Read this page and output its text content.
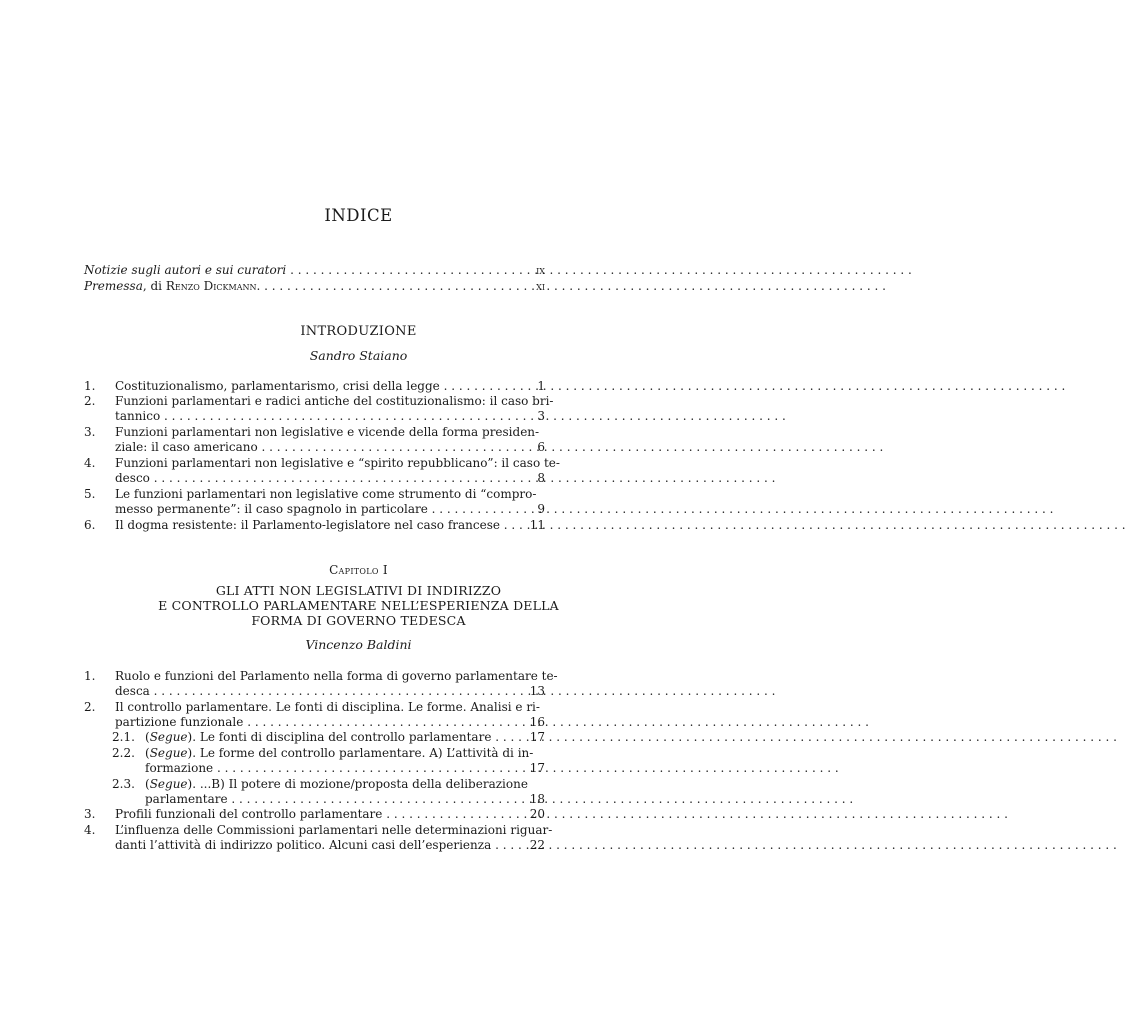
INDICE
Notizie sugli autori e sui curatori . . .	ix
Premessa, di Renzo Dickmann. . . .	xi
INTRODUZIONE
Sandro Staiano
1. Costituzionalismo, parlamentarismo, crisi della legge . . .	1
2. Funzioni parlamentari e radici antiche del costituzionalismo: il caso bri-
tannico . . .	3
3. Funzioni parlamentari non legislative e vicende della forma presiden-
ziale: il caso americano . . .	6
4. Funzioni parlamentari non legislative e “spirito repubblicano”: il caso te-
desco . . .	8
5. Le funzioni parlamentari non legislative come strumento di “compro-
messo permanente”: il caso spagnolo in particolare . . .	9
6. Il dogma resistente: il Parlamento-legislatore nel caso francese . . .	11
Capitolo I
GLI ATTI NON LEGISLATIVI DI INDIRIZZO
E CONTROLLO PARLAMENTARE NELL’ESPERIENZA DELLA
FORMA DI GOVERNO TEDESCA
Vincenzo Baldini
1. Ruolo e funzioni del Parlamento nella forma di governo parlamentare te-
desca . . .	13
2. Il controllo parlamentare. Le fonti di disciplina. Le forme. Analisi e ri-
partizione funzionale . . .	16
2.1. (Segue). Le fonti di disciplina del controllo parlamentare . . .	17
2.2. (Segue). Le forme del controllo parlamentare. A) L’attività di in-
formazione . . .	17
2.3. (Segue). ...B) Il potere di mozione/proposta della deliberazione
parlamentare . . .	18
3. Profili funzionali del controllo parlamentare . . .	20
4. L’influenza delle Commissioni parlamentari nelle determinazioni riguar-
danti l’attività di indirizzo politico. Alcuni casi dell’esperienza . . .	22
